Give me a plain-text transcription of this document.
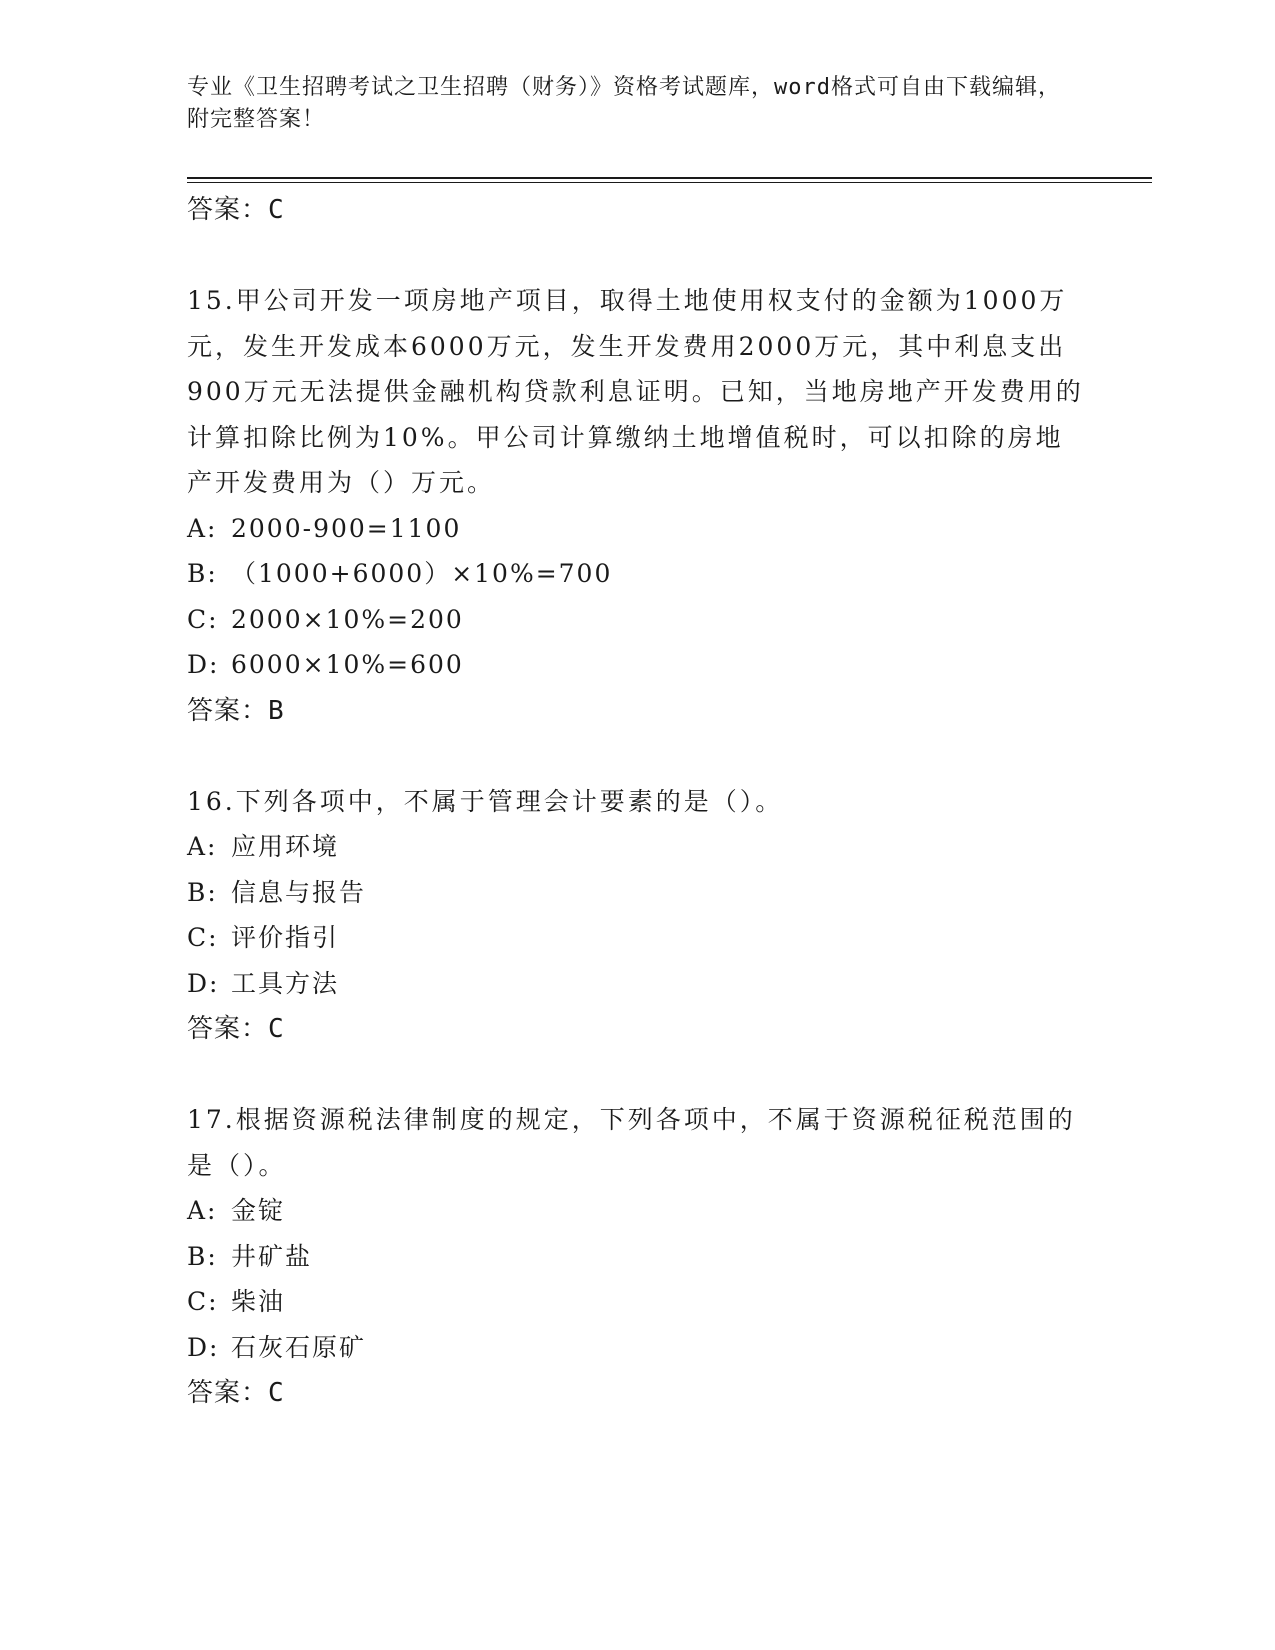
专业《卫生招聘考试之卫生招聘（财务）》资格考试题库，word格式可自由下载编辑，附完整答案！
答案：C
15.甲公司开发一项房地产项目，取得土地使用权支付的金额为1000万元，发生开发成本6000万元，发生开发费用2000万元，其中利息支出900万元无法提供金融机构贷款利息证明。已知，当地房地产开发费用的计算扣除比例为10%。甲公司计算缴纳土地增值税时，可以扣除的房地产开发费用为（）万元。
A: 2000-900=1100
B: （1000+6000）×10%=700
C: 2000×10%=200
D: 6000×10%=600
答案：B
16.下列各项中，不属于管理会计要素的是（）。
A: 应用环境
B: 信息与报告
C: 评价指引
D: 工具方法
答案：C
17.根据资源税法律制度的规定，下列各项中，不属于资源税征税范围的是（）。
A: 金锭
B: 井矿盐
C: 柴油
D: 石灰石原矿
答案：C
